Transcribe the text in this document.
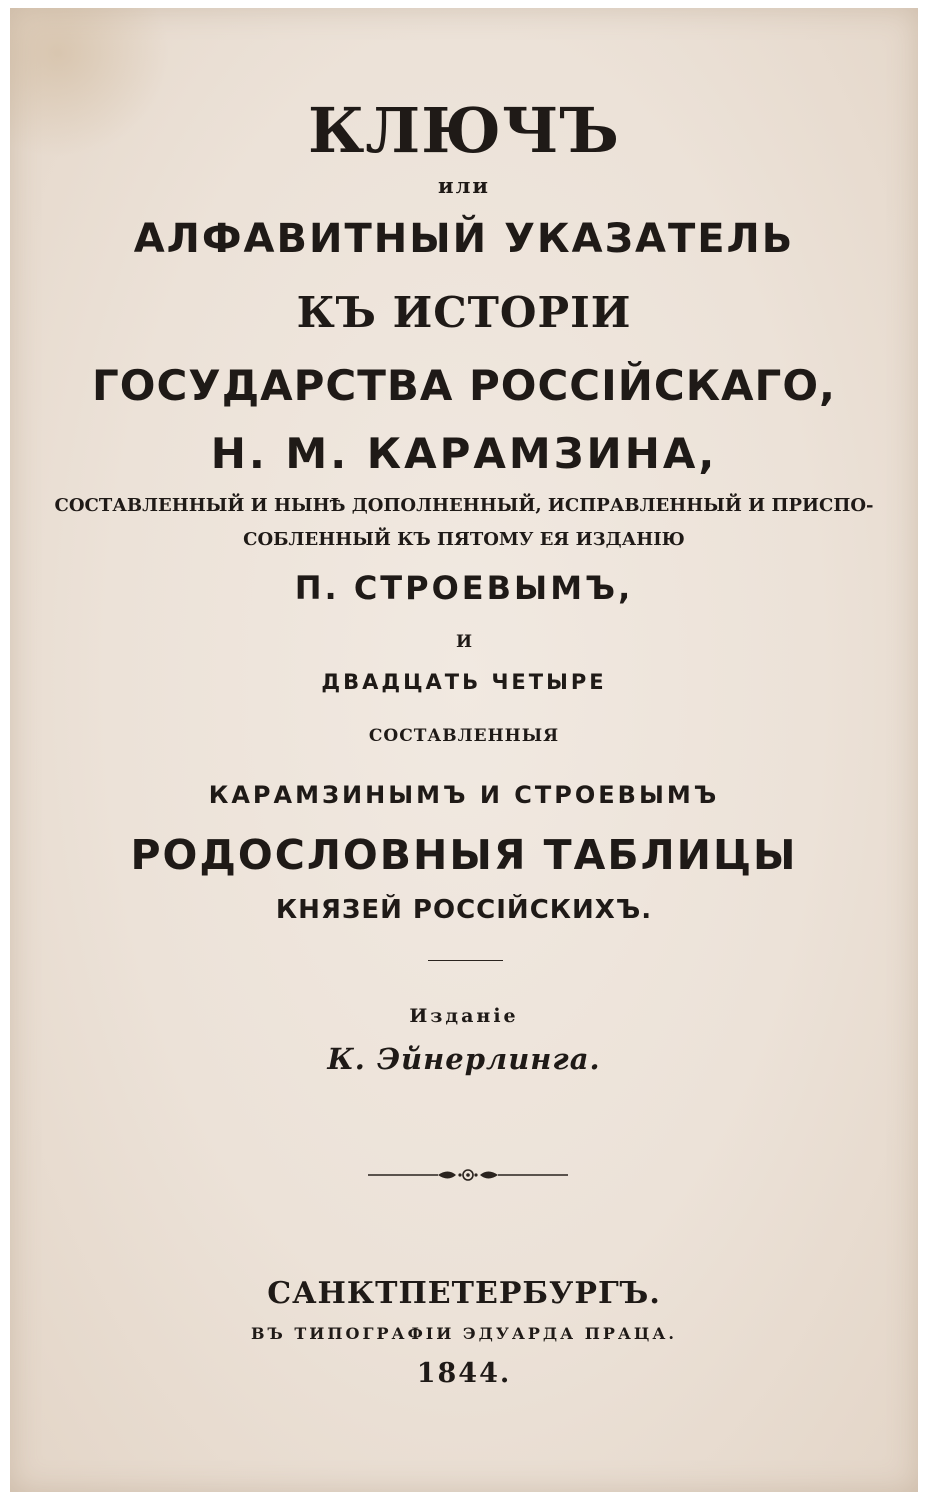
КЛЮЧЪ
или
АЛФАВИТНЫЙ УКАЗАТЕЛЬ
КЪ ИСТОРІИ
ГОСУДАРСТВА РОССІЙСКАГО,
Н. М. КАРАМЗИНА,
СОСТАВЛЕННЫЙ И НЫНѢ ДОПОЛНЕННЫЙ, ИСПРАВЛЕННЫЙ И ПРИСПО-
СОБЛЕННЫЙ КЪ ПЯТОМУ ЕЯ ИЗДАНІЮ
П. СТРОЕВЫМЪ,
И
ДВАДЦАТЬ ЧЕТЫРЕ
СОСТАВЛЕННЫЯ
КАРАМЗИНЫМЪ И СТРОЕВЫМЪ
РОДОСЛОВНЫЯ ТАБЛИЦЫ
КНЯЗЕЙ РОССІЙСКИХЪ.
Изданіе
К. Эйнерлинга.
САНКТПЕТЕРБУРГЪ.
ВЪ ТИПОГРАФІИ ЭДУАРДА ПРАЦА.
1844.
